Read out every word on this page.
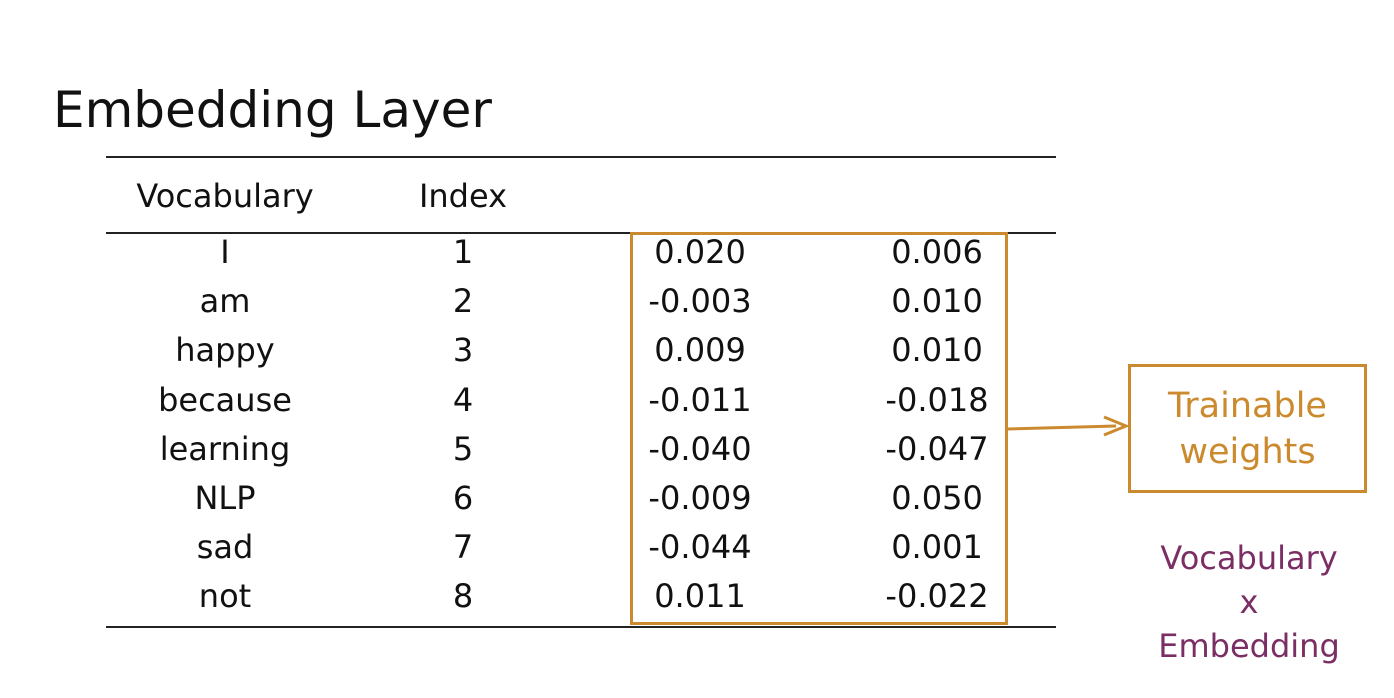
Embedding Layer
Vocabulary	Index
I	1	0.020	0.006
am	2	-0.003	0.010
happy	3	0.009	0.010
because	4	-0.011	-0.018
learning	5	-0.040	-0.047
NLP	6	-0.009	0.050
sad	7	-0.044	0.001
not	8	0.011	-0.022
Trainable
weights
Vocabulary
x
Embedding
